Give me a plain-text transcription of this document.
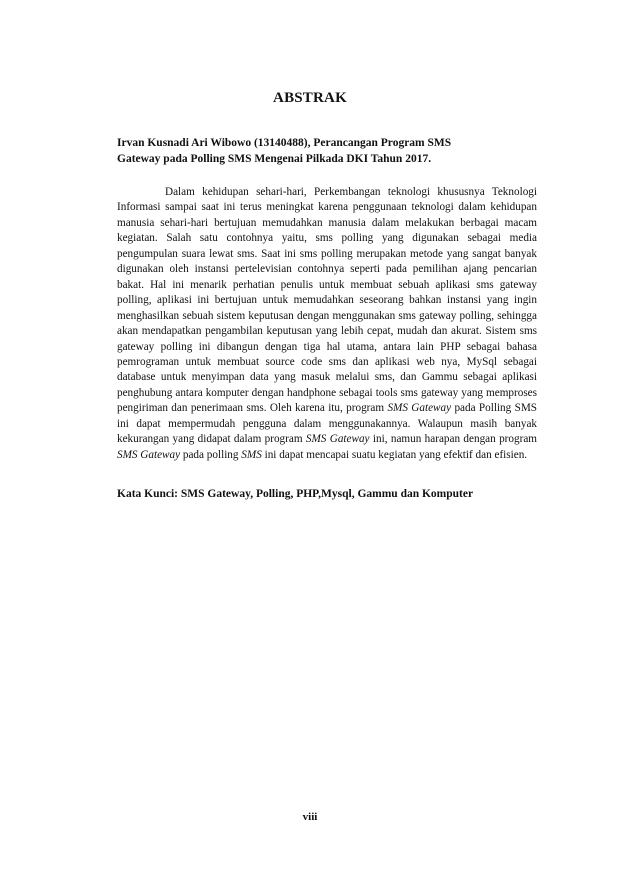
ABSTRAK
Irvan Kusnadi Ari Wibowo (13140488), Perancangan Program SMS
Gateway pada Polling SMS Mengenai Pilkada DKI Tahun 2017.
Dalam kehidupan sehari-hari, Perkembangan teknologi khususnya Teknologi Informasi sampai saat ini terus meningkat karena penggunaan teknologi dalam kehidupan manusia sehari-hari bertujuan memudahkan manusia dalam melakukan berbagai macam kegiatan. Salah satu contohnya yaitu, sms polling yang digunakan sebagai media pengumpulan suara lewat sms. Saat ini sms polling merupakan metode yang sangat banyak digunakan oleh instansi pertelevisian contohnya seperti pada pemilihan ajang pencarian bakat. Hal ini menarik perhatian penulis untuk membuat sebuah aplikasi sms gateway polling, aplikasi ini bertujuan untuk memudahkan seseorang bahkan instansi yang ingin menghasilkan sebuah sistem keputusan dengan menggunakan sms gateway polling, sehingga akan mendapatkan pengambilan keputusan yang lebih cepat, mudah dan akurat. Sistem sms gateway polling ini dibangun dengan tiga hal utama, antara lain PHP sebagai bahasa pemrograman untuk membuat source code sms dan aplikasi web nya, MySql sebagai database untuk menyimpan data yang masuk melalui sms, dan Gammu sebagai aplikasi penghubung antara komputer dengan handphone sebagai tools sms gateway yang memproses pengiriman dan penerimaan sms. Oleh karena itu, program SMS Gateway pada Polling SMS ini dapat mempermudah pengguna dalam menggunakannya. Walaupun masih banyak kekurangan yang didapat dalam program SMS Gateway ini, namun harapan dengan program SMS Gateway pada polling SMS ini dapat mencapai suatu kegiatan yang efektif dan efisien.
Kata Kunci: SMS Gateway, Polling, PHP,Mysql, Gammu dan Komputer
viii
